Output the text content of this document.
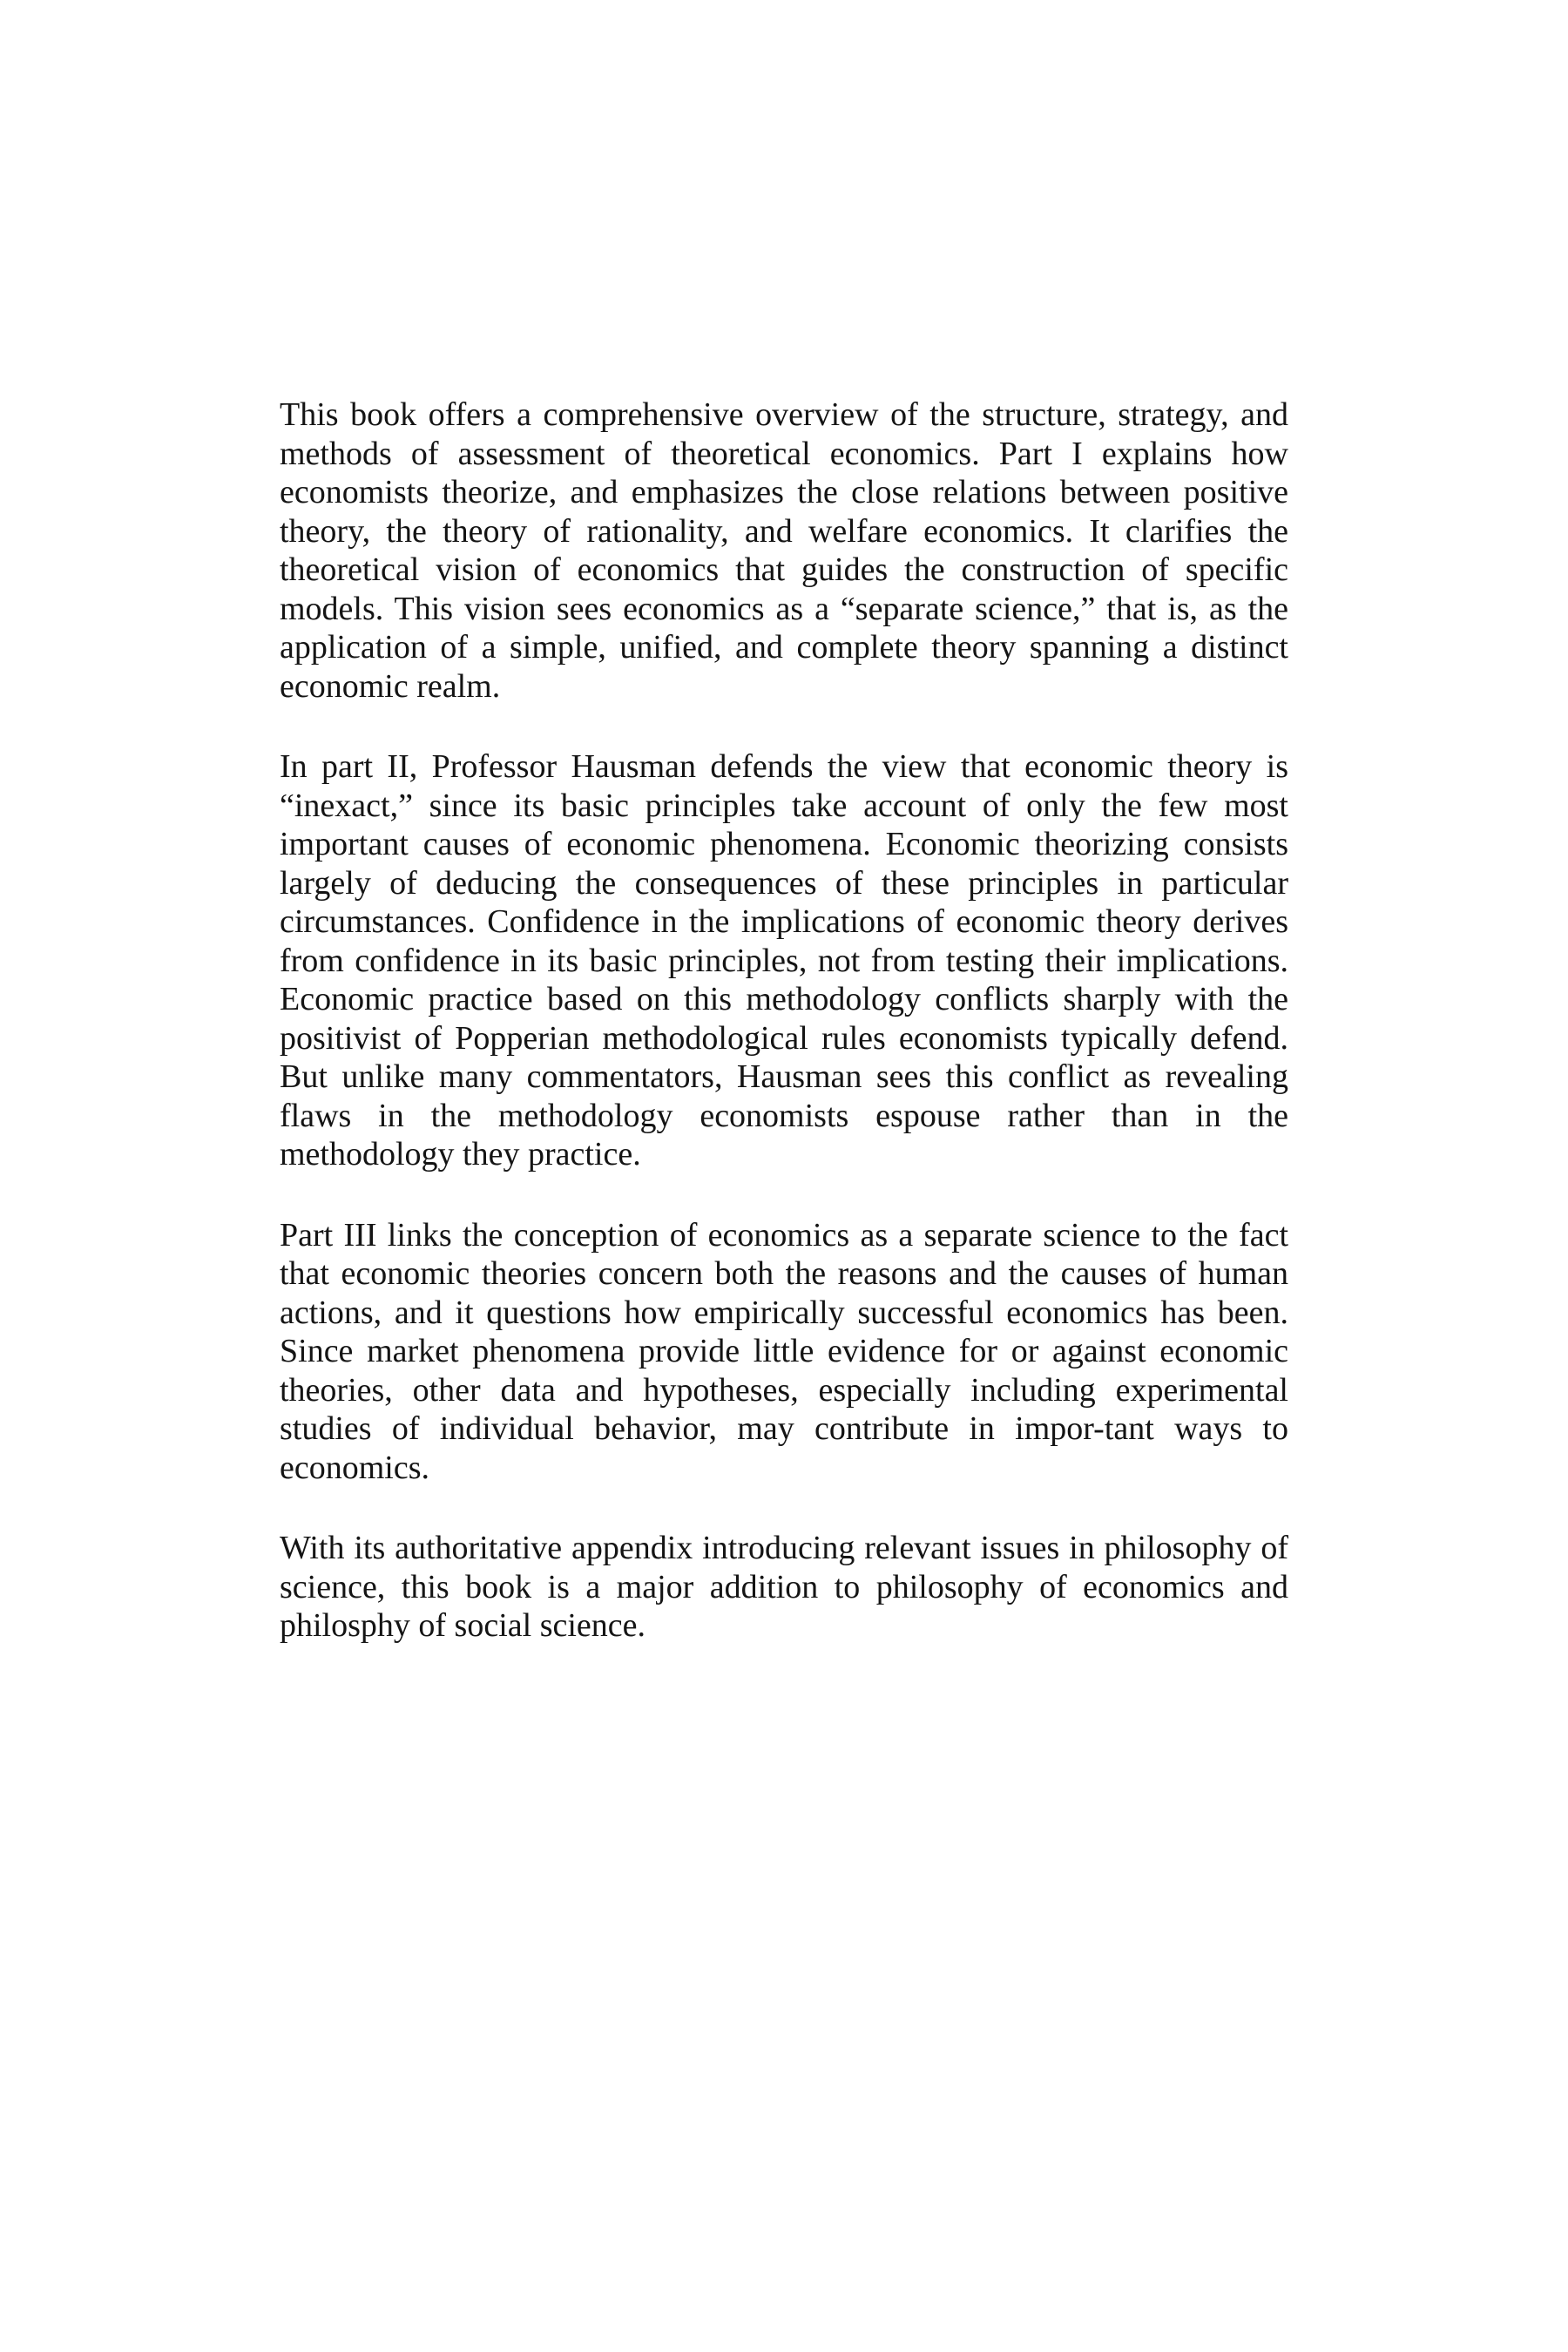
This book offers a comprehensive overview of the structure, strategy, and methods of assessment of theoretical economics. Part I explains how economists theorize, and emphasizes the close relations between positive theory, the theory of rationality, and welfare economics. It clarifies the theoretical vision of economics that guides the construction of specific models. This vision sees economics as a “separate science,” that is, as the application of a simple, unified, and complete theory spanning a distinct economic realm.

In part II, Professor Hausman defends the view that economic theory is “inexact,” since its basic principles take account of only the few most important causes of economic phenomena. Economic theorizing consists largely of deducing the consequences of these principles in particular circumstances. Confidence in the implications of economic theory derives from confidence in its basic principles, not from testing their implications. Economic practice based on this methodology conflicts sharply with the positivist of Popperian methodological rules economists typically defend. But unlike many commentators, Hausman sees this conflict as revealing flaws in the methodology economists espouse rather than in the methodology they practice.

Part III links the conception of economics as a separate science to the fact that economic theories concern both the reasons and the causes of human actions, and it questions how empirically successful economics has been. Since market phenomena provide little evidence for or against economic theories, other data and hypotheses, especially including experimental studies of individual behavior, may contribute in impor-tant ways to economics.

With its authoritative appendix introducing relevant issues in philosophy of science, this book is a major addition to philosophy of economics and philosphy of social science.
